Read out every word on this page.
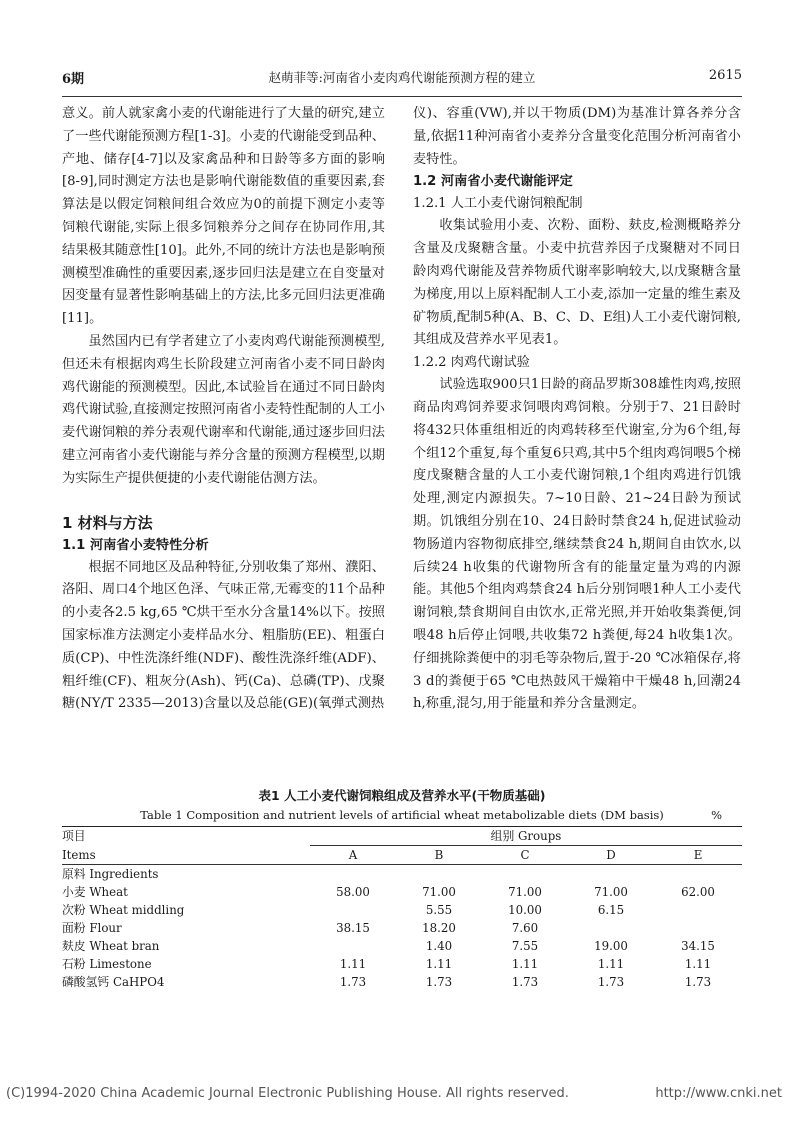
6期	赵萌菲等:河南省小麦肉鸡代谢能预测方程的建立	2615

意义。前人就家禽小麦的代谢能进行了大量的研究,建立了一些代谢能预测方程[1-3]。小麦的代谢能受到品种、产地、储存[4-7]以及家禽品种和日龄等多方面的影响[8-9],同时测定方法也是影响代谢能数值的重要因素,套算法是以假定饲粮间组合效应为0的前提下测定小麦等饲粮代谢能,实际上很多饲粮养分之间存在协同作用,其结果极其随意性[10]。此外,不同的统计方法也是影响预测模型准确性的重要因素,逐步回归法是建立在自变量对因变量有显著性影响基础上的方法,比多元回归法更准确[11]。

虽然国内已有学者建立了小麦肉鸡代谢能预测模型,但还未有根据肉鸡生长阶段建立河南省小麦不同日龄肉鸡代谢能的预测模型。因此,本试验旨在通过不同日龄肉鸡代谢试验,直接测定按照河南省小麦特性配制的人工小麦代谢饲粮的养分表观代谢率和代谢能,通过逐步回归法建立河南省小麦代谢能与养分含量的预测方程模型,以期为实际生产提供便捷的小麦代谢能估测方法。

1 材料与方法
1.1 河南省小麦特性分析

根据不同地区及品种特征,分别收集了郑州、濮阳、洛阳、周口4个地区色泽、气味正常,无霉变的11个品种的小麦各2.5 kg,65 ℃烘干至水分含量14%以下。按照国家标准方法测定小麦样品水分、粗脂肪(EE)、粗蛋白质(CP)、中性洗涤纤维(NDF)、酸性洗涤纤维(ADF)、粗纤维(CF)、粗灰分(Ash)、钙(Ca)、总磷(TP)、戊聚糖(NY/T 2335—2013)含量以及总能(GE)(氧弹式测热

仪)、容重(VW),并以干物质(DM)为基准计算各养分含量,依据11种河南省小麦养分含量变化范围分析河南省小麦特性。

1.2 河南省小麦代谢能评定
1.2.1 人工小麦代谢饲粮配制

收集试验用小麦、次粉、面粉、麸皮,检测概略养分含量及戊聚糖含量。小麦中抗营养因子戊聚糖对不同日龄肉鸡代谢能及营养物质代谢率影响较大,以戊聚糖含量为梯度,用以上原料配制人工小麦,添加一定量的维生素及矿物质,配制5种(A、B、C、D、E组)人工小麦代谢饲粮,其组成及营养水平见表1。

1.2.2 肉鸡代谢试验

试验选取900只1日龄的商品罗斯308雄性肉鸡,按照商品肉鸡饲养要求饲喂肉鸡饲粮。分别于7、21日龄时将432只体重组相近的肉鸡转移至代谢室,分为6个组,每个组12个重复,每个重复6只鸡,其中5个组肉鸡饲喂5个梯度戊聚糖含量的人工小麦代谢饲粮,1个组肉鸡进行饥饿处理,测定内源损失。7~10日龄、21~24日龄为预试期。饥饿组分别在10、24日龄时禁食24 h,促进试验动物肠道内容物彻底排空,继续禁食24 h,期间自由饮水,以后续24 h收集的代谢物所含有的能量定量为鸡的内源能。其他5个组肉鸡禁食24 h后分别饲喂1种人工小麦代谢饲粮,禁食期间自由饮水,正常光照,并开始收集粪便,饲喂48 h后停止饲喂,共收集72 h粪便,每24 h收集1次。仔细挑除粪便中的羽毛等杂物后,置于-20 ℃冰箱保存,将3 d的粪便于65 ℃电热鼓风干燥箱中干燥48 h,回潮24 h,称重,混匀,用于能量和养分含量测定。

表1 人工小麦代谢饲粮组成及营养水平(干物质基础)
Table 1 Composition and nutrient levels of artificial wheat metabolizable diets (DM basis)	%

项目	组别 Groups				
Items	A	B	C	D	E
原料 Ingredients					
小麦 Wheat	58.00	71.00	71.00	71.00	62.00
次粉 Wheat middling		5.55	10.00	6.15	
面粉 Flour	38.15	18.20	7.60		
麸皮 Wheat bran		1.40	7.55	19.00	34.15
石粉 Limestone	1.11	1.11	1.11	1.11	1.11
磷酸氢钙 CaHPO4	1.73	1.73	1.73	1.73	1.73
(C)1994-2020 China Academic Journal Electronic Publishing House. All rights reserved.	http://www.cnki.net
